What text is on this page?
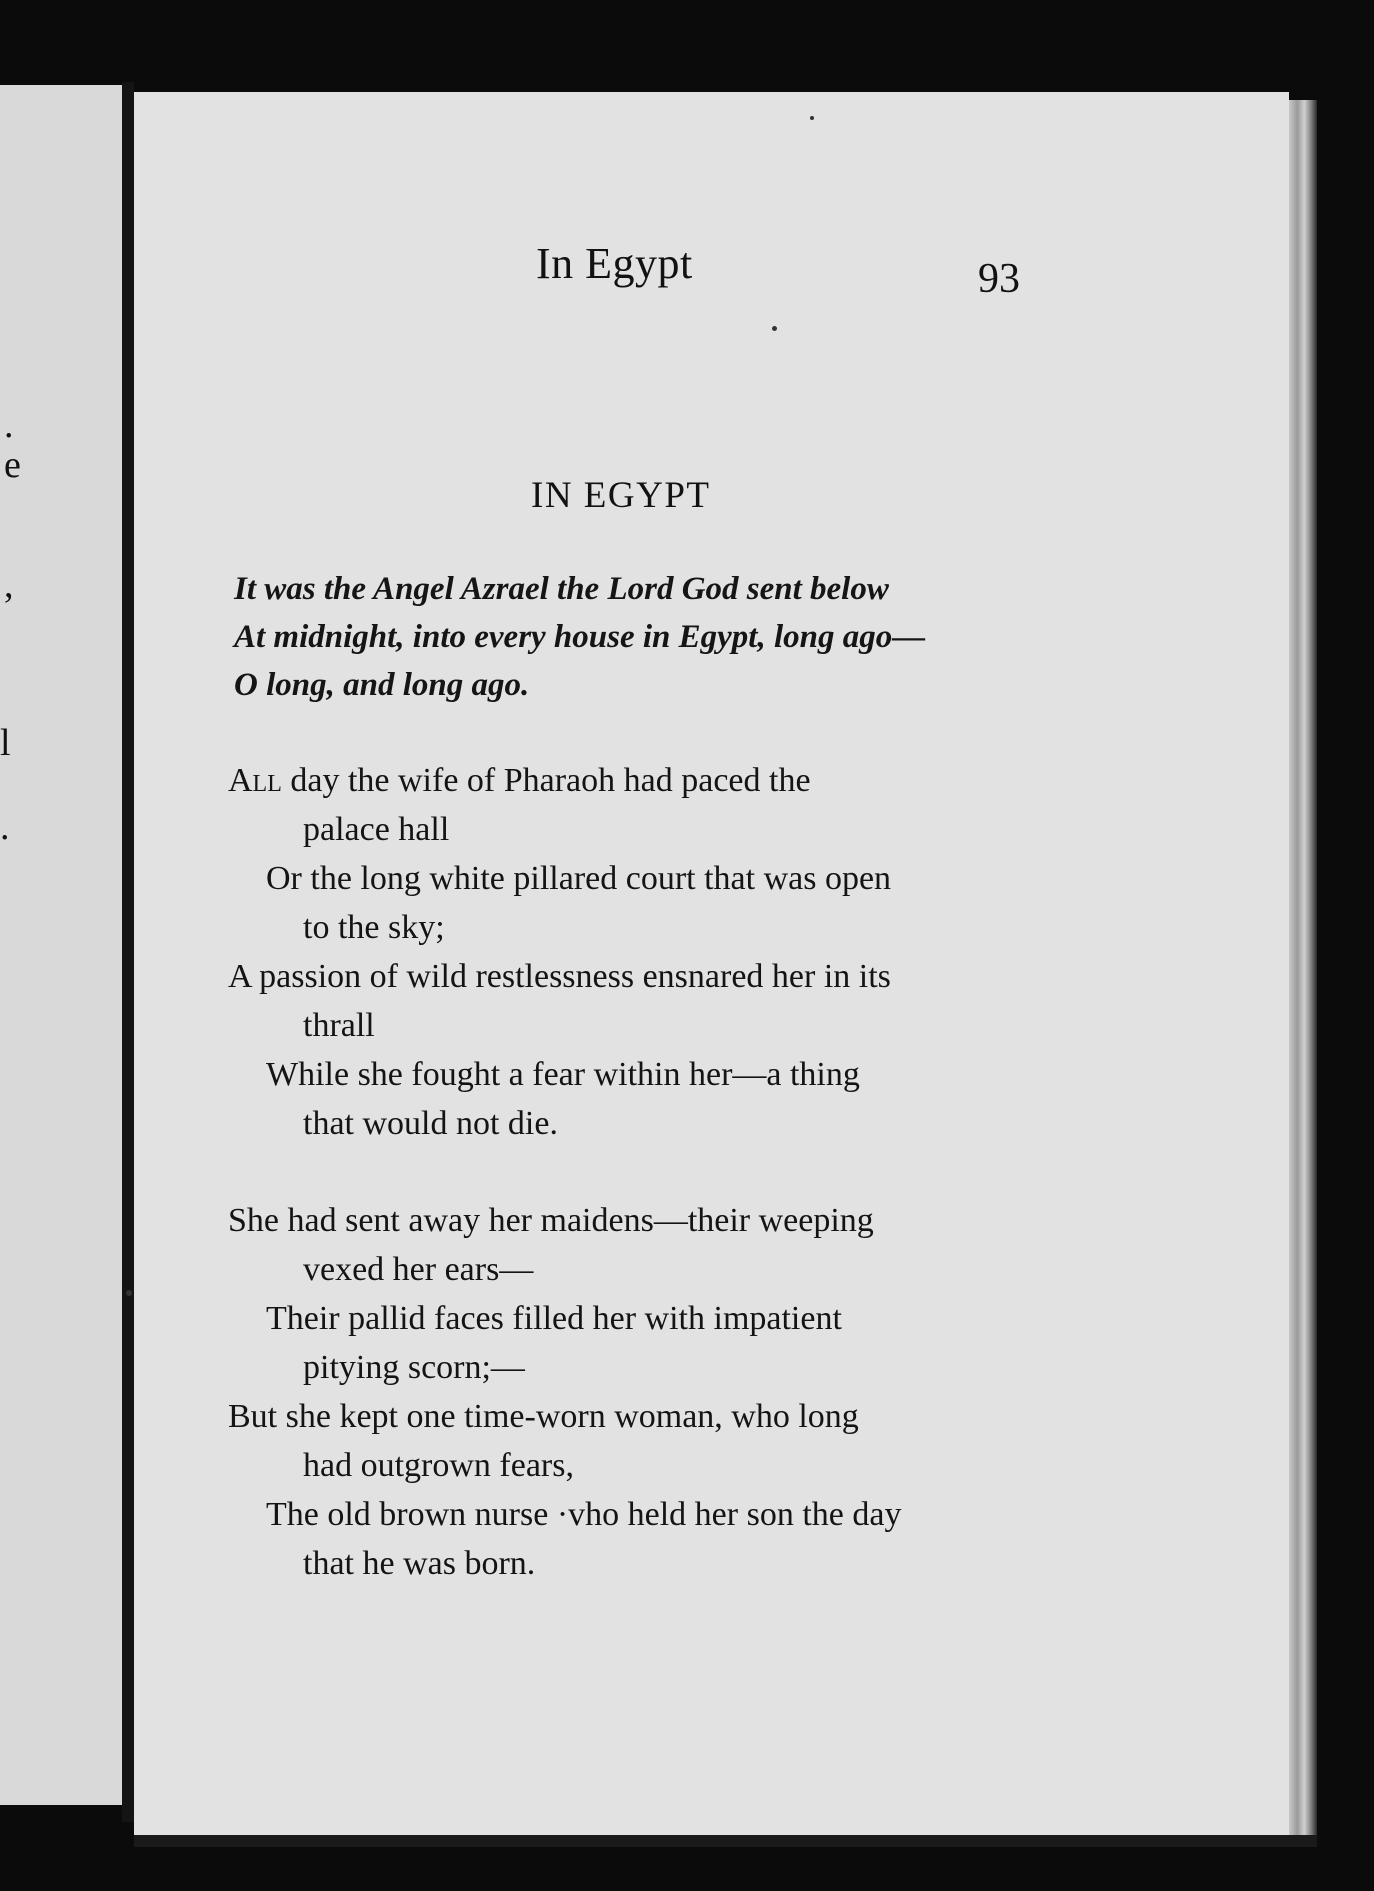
.
e
,
l
.
In Egypt	93
IN EGYPT
It was the Angel Azrael the Lord God sent below
At midnight, into every house in Egypt, long ago—
O long, and long ago.
All day the wife of Pharaoh had paced the
palace hall
Or the long white pillared court that was open
to the sky;
A passion of wild restlessness ensnared her in its
thrall
While she fought a fear within her—a thing
that would not die.
She had sent away her maidens—their weeping
vexed her ears—
Their pallid faces filled her with impatient
pitying scorn;—
But she kept one time-worn woman, who long
had outgrown fears,
The old brown nurse ·vho held her son the day
that he was born.
